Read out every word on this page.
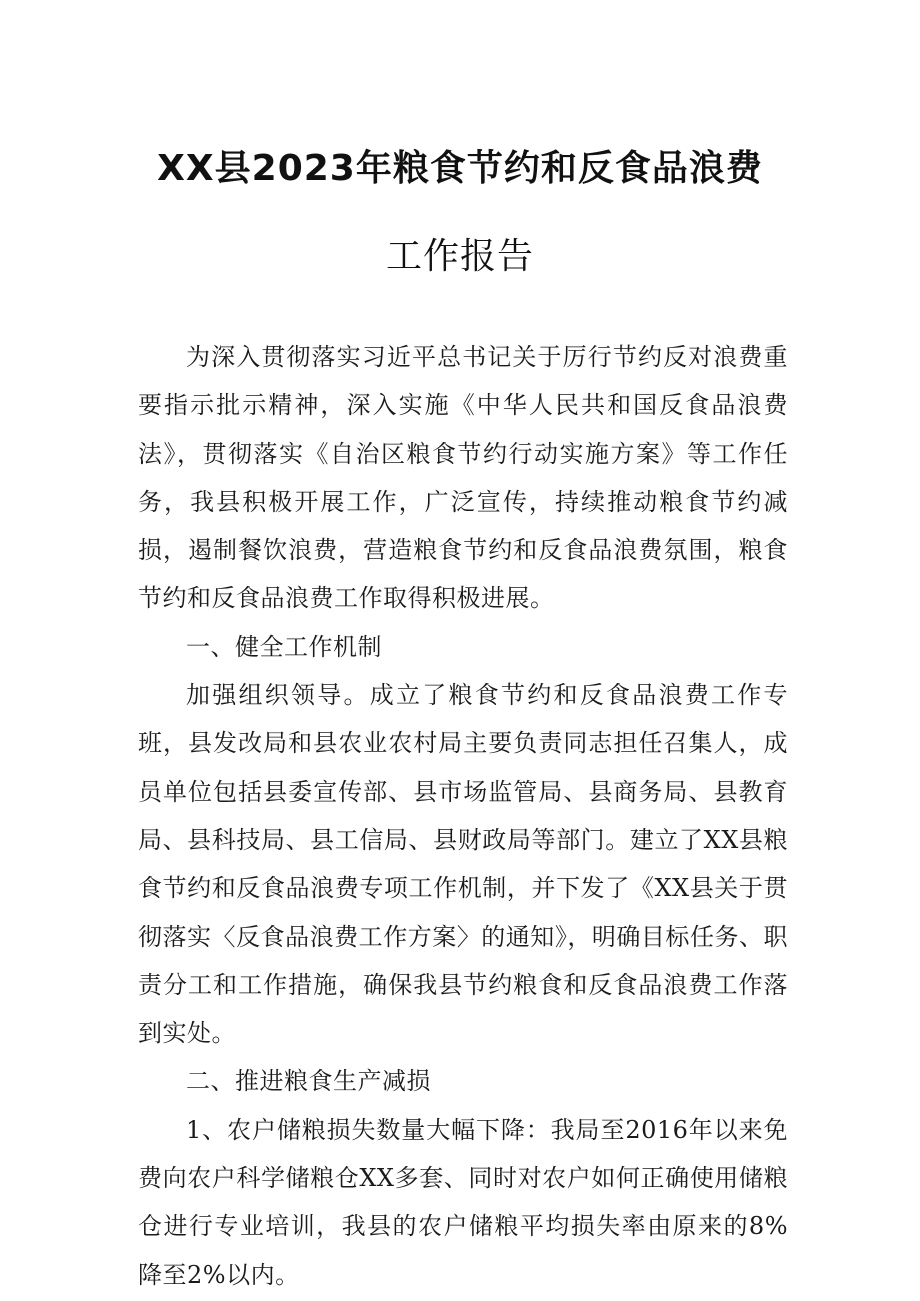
XX县2023年粮食节约和反食品浪费
工作报告

为深入贯彻落实习近平总书记关于厉行节约反对浪费重要指示批示精神，深入实施《中华人民共和国反食品浪费法》，贯彻落实《自治区粮食节约行动实施方案》等工作任务，我县积极开展工作，广泛宣传，持续推动粮食节约减损，遏制餐饮浪费，营造粮食节约和反食品浪费氛围，粮食节约和反食品浪费工作取得积极进展。

一、健全工作机制

加强组织领导。成立了粮食节约和反食品浪费工作专班，县发改局和县农业农村局主要负责同志担任召集人，成员单位包括县委宣传部、县市场监管局、县商务局、县教育局、县科技局、县工信局、县财政局等部门。建立了XX县粮食节约和反食品浪费专项工作机制，并下发了《XX县关于贯彻落实〈反食品浪费工作方案〉的通知》，明确目标任务、职责分工和工作措施，确保我县节约粮食和反食品浪费工作落到实处。

二、推进粮食生产减损

1、农户储粮损失数量大幅下降：我局至2016年以来免费向农户科学储粮仓XX多套、同时对农户如何正确使用储粮仓进行专业培训，我县的农户储粮平均损失率由原来的8%降至2%以内。
